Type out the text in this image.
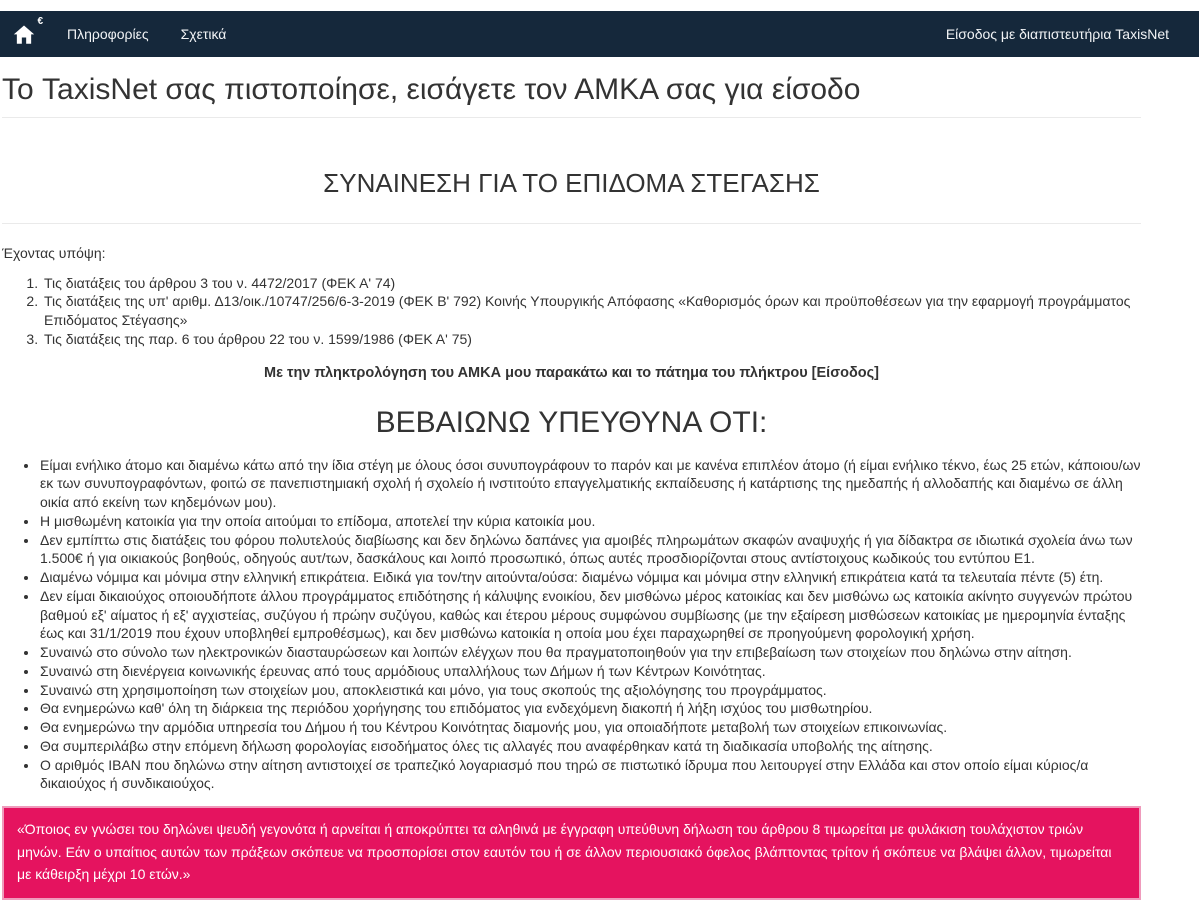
€
Πληροφορίες	Σχετικά	Είσοδος με διαπιστευτήρια TaxisNet
Το TaxisNet σας πιστοποίησε, εισάγετε τον ΑΜΚΑ σας για είσοδο
ΣΥΝΑΙΝΕΣΗ ΓΙΑ ΤΟ ΕΠΙΔΟΜΑ ΣΤΕΓΑΣΗΣ

Έχοντας υπόψη:

1. Τις διατάξεις του άρθρου 3 του ν. 4472/2017 (ΦΕΚ Α' 74)
2. Τις διατάξεις της υπ' αριθμ. Δ13/οικ./10747/256/6-3-2019 (ΦΕΚ Β' 792) Κοινής Υπουργικής Απόφασης «Καθορισμός όρων και προϋποθέσεων για την εφαρμογή προγράμματος Επιδόματος Στέγασης»
3. Τις διατάξεις της παρ. 6 του άρθρου 22 του ν. 1599/1986 (ΦΕΚ Α' 75)

Με την πληκτρολόγηση του ΑΜΚΑ μου παρακάτω και το πάτημα του πλήκτρου [Είσοδος]

ΒΕΒΑΙΩΝΩ ΥΠΕΥΘΥΝΑ ΟΤΙ:
• Είμαι ενήλικο άτομο και διαμένω κάτω από την ίδια στέγη με όλους όσοι συνυπογράφουν το παρόν και με κανένα επιπλέον άτομο (ή είμαι ενήλικο τέκνο, έως 25 ετών, κάποιου/ων εκ των συνυπογραφόντων, φοιτώ σε πανεπιστημιακή σχολή ή σχολείο ή ινστιτούτο επαγγελματικής εκπαίδευσης ή κατάρτισης της ημεδαπής ή αλλοδαπής και διαμένω σε άλλη οικία από εκείνη των κηδεμόνων μου).
• Η μισθωμένη κατοικία για την οποία αιτούμαι το επίδομα, αποτελεί την κύρια κατοικία μου.
• Δεν εμπίπτω στις διατάξεις του φόρου πολυτελούς διαβίωσης και δεν δηλώνω δαπάνες για αμοιβές πληρωμάτων σκαφών αναψυχής ή για δίδακτρα σε ιδιωτικά σχολεία άνω των 1.500€ ή για οικιακούς βοηθούς, οδηγούς αυτ/των, δασκάλους και λοιπό προσωπικό, όπως αυτές προσδιορίζονται στους αντίστοιχους κωδικούς του εντύπου Ε1.
• Διαμένω νόμιμα και μόνιμα στην ελληνική επικράτεια. Ειδικά για τον/την αιτούντα/ούσα: διαμένω νόμιμα και μόνιμα στην ελληνική επικράτεια κατά τα τελευταία πέντε (5) έτη.
• Δεν είμαι δικαιούχος οποιουδήποτε άλλου προγράμματος επιδότησης ή κάλυψης ενοικίου, δεν μισθώνω μέρος κατοικίας και δεν μισθώνω ως κατοικία ακίνητο συγγενών πρώτου βαθμού εξ' αίματος ή εξ' αγχιστείας, συζύγου ή πρώην συζύγου, καθώς και έτερου μέρους συμφώνου συμβίωσης (με την εξαίρεση μισθώσεων κατοικίας με ημερομηνία ένταξης έως και 31/1/2019 που έχουν υποβληθεί εμπροθέσμως), και δεν μισθώνω κατοικία η οποία μου έχει παραχωρηθεί σε προηγούμενη φορολογική χρήση.
• Συναινώ στο σύνολο των ηλεκτρονικών διασταυρώσεων και λοιπών ελέγχων που θα πραγματοποιηθούν για την επιβεβαίωση των στοιχείων που δηλώνω στην αίτηση.
• Συναινώ στη διενέργεια κοινωνικής έρευνας από τους αρμόδιους υπαλλήλους των Δήμων ή των Κέντρων Κοινότητας.
• Συναινώ στη χρησιμοποίηση των στοιχείων μου, αποκλειστικά και μόνο, για τους σκοπούς της αξιολόγησης του προγράμματος.
• Θα ενημερώνω καθ' όλη τη διάρκεια της περιόδου χορήγησης του επιδόματος για ενδεχόμενη διακοπή ή λήξη ισχύος του μισθωτηρίου.
• Θα ενημερώνω την αρμόδια υπηρεσία του Δήμου ή του Κέντρου Κοινότητας διαμονής μου, για οποιαδήποτε μεταβολή των στοιχείων επικοινωνίας.
• Θα συμπεριλάβω στην επόμενη δήλωση φορολογίας εισοδήματος όλες τις αλλαγές που αναφέρθηκαν κατά τη διαδικασία υποβολής της αίτησης.
• Ο αριθμός ΙΒΑΝ που δηλώνω στην αίτηση αντιστοιχεί σε τραπεζικό λογαριασμό που τηρώ σε πιστωτικό ίδρυμα που λειτουργεί στην Ελλάδα και στον οποίο είμαι κύριος/α δικαιούχος ή συνδικαιούχος.
«Όποιος εν γνώσει του δηλώνει ψευδή γεγονότα ή αρνείται ή αποκρύπτει τα αληθινά με έγγραφη υπεύθυνη δήλωση του άρθρου 8 τιμωρείται με φυλάκιση τουλάχιστον τριών μηνών. Εάν ο υπαίτιος αυτών των πράξεων σκόπευε να προσπορίσει στον εαυτόν του ή σε άλλον περιουσιακό όφελος βλάπτοντας τρίτον ή σκόπευε να βλάψει άλλον, τιμωρείται με κάθειρξη μέχρι 10 ετών.»
